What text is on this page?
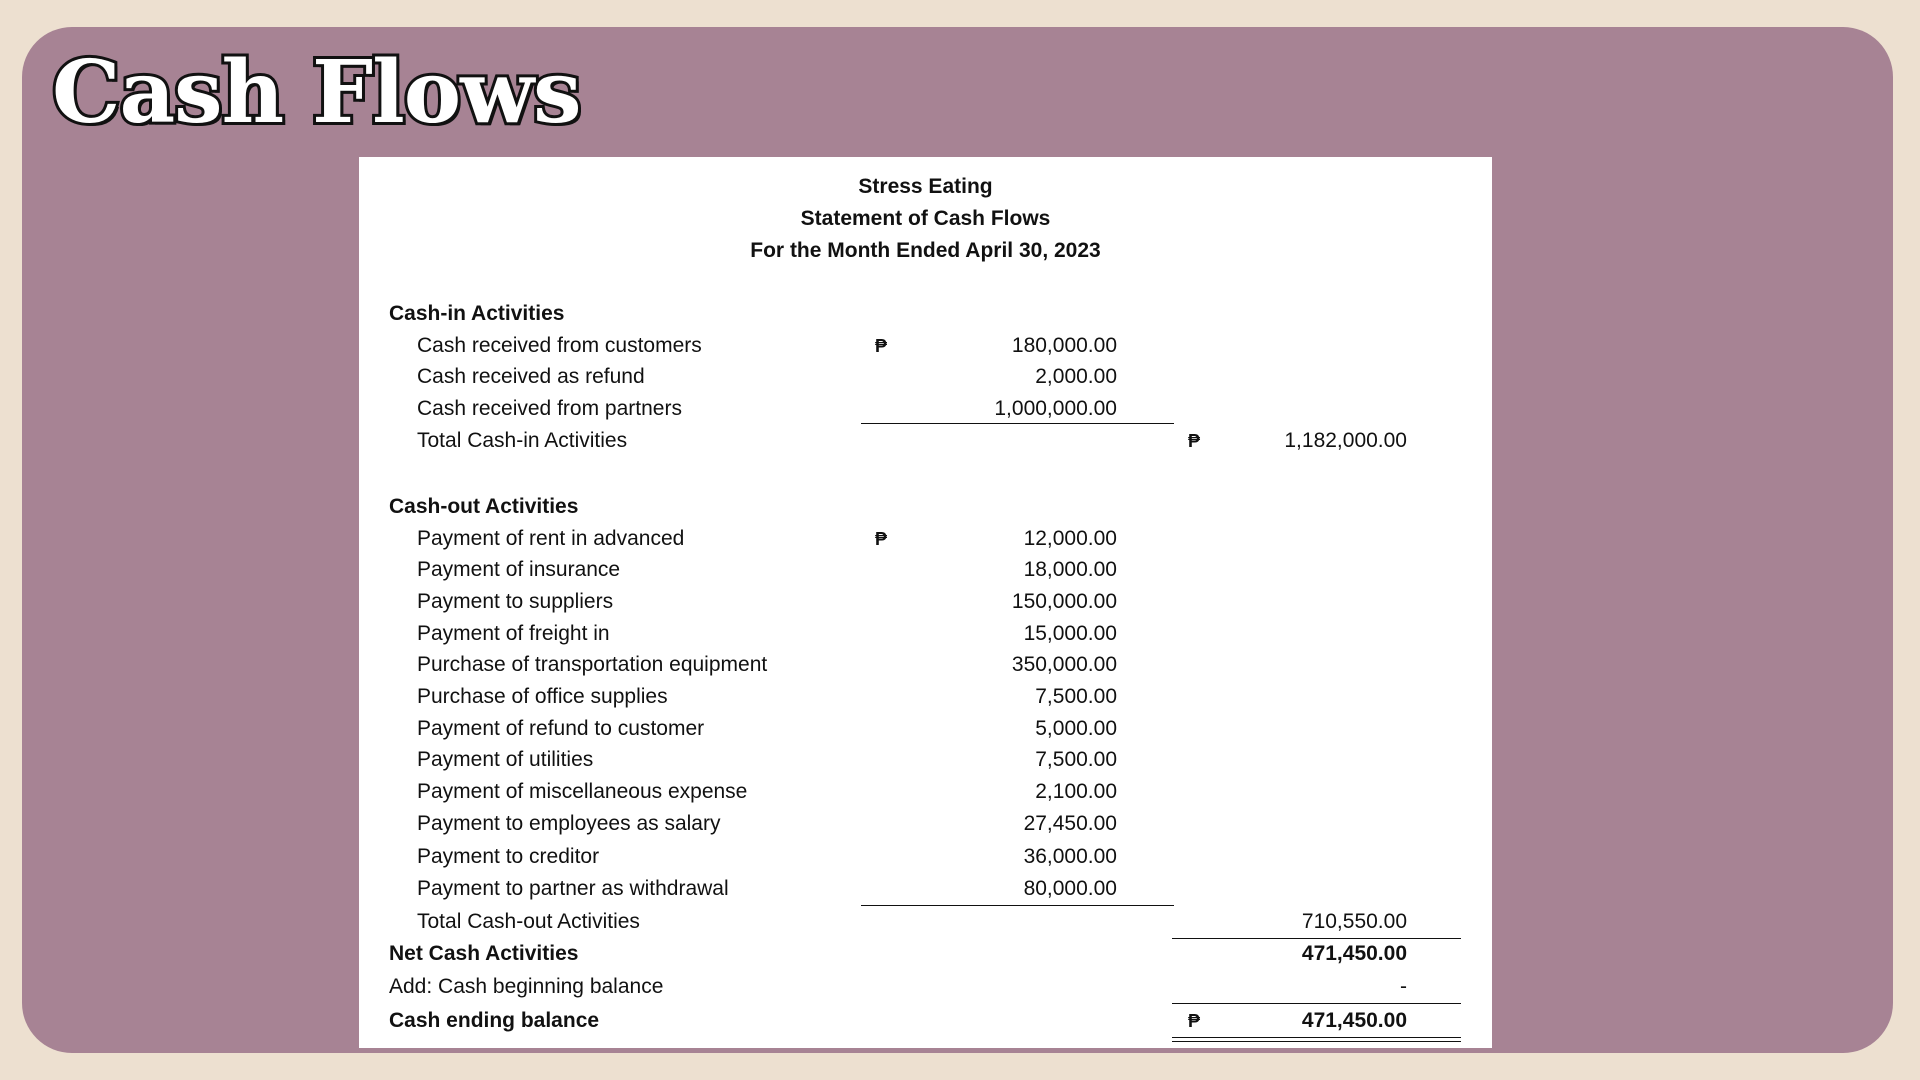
Cash Flows
Stress Eating
Statement of Cash Flows
For the Month Ended April 30, 2023
Cash-in Activities
Cash received from customers	₱	180,000.00
Cash received as refund	2,000.00
Cash received from partners	1,000,000.00
Total Cash-in Activities	₱	1,182,000.00
Cash-out Activities
Payment of rent in advanced	₱	12,000.00
Payment of insurance	18,000.00
Payment to suppliers	150,000.00
Payment of freight in	15,000.00
Purchase of transportation equipment	350,000.00
Purchase of office supplies	7,500.00
Payment of refund to customer	5,000.00
Payment of utilities	7,500.00
Payment of miscellaneous expense	2,100.00
Payment to employees as salary	27,450.00
Payment to creditor	36,000.00
Payment to partner as withdrawal	80,000.00
Total Cash-out Activities	710,550.00
Net Cash Activities	471,450.00
Add: Cash beginning balance	-
Cash ending balance	₱	471,450.00
